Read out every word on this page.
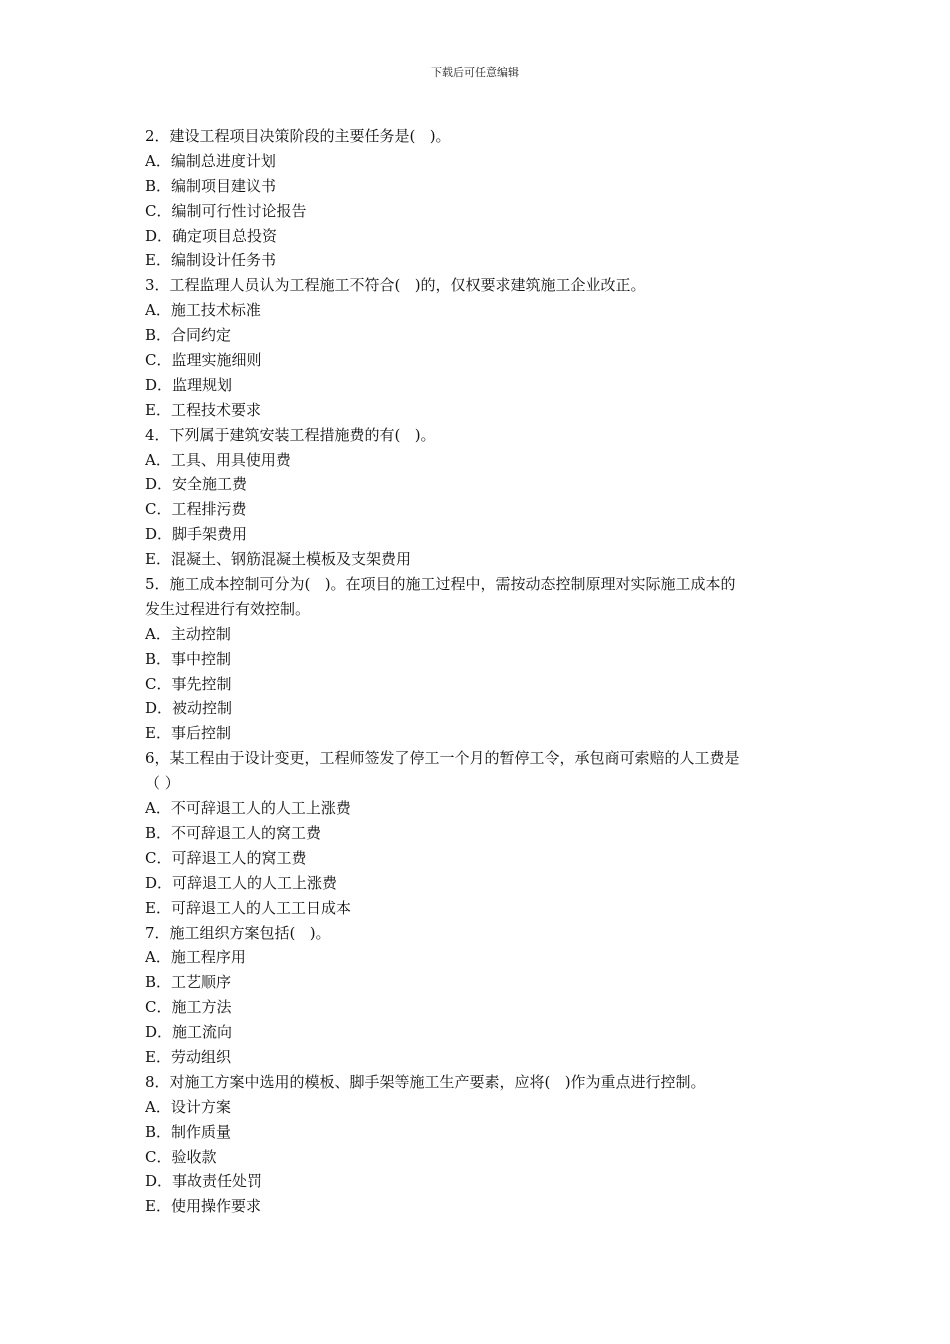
下载后可任意编辑
2．建设工程项目决策阶段的主要任务是(   )。
A．编制总进度计划
B．编制项目建议书
C．编制可行性讨论报告
D．确定项目总投资
E．编制设计任务书
3．工程监理人员认为工程施工不符合(   )的，仅权要求建筑施工企业改正。
A．施工技术标准
B．合同约定
C．监理实施细则
D．监理规划
E．工程技术要求
4．下列属于建筑安装工程措施费的有(   )。
A．工具、用具使用费
D．安全施工费
C．工程排污费
D．脚手架费用
E．混凝土、钢筋混凝土模板及支架费用
5．施工成本控制可分为(   )。在项目的施工过程中，需按动态控制原理对实际施工成本的
发生过程进行有效控制。
A．主动控制
B．事中控制
C．事先控制
D．被动控制
E．事后控制
6，某工程由于设计变更，工程师签发了停工一个月的暂停工令，承包商可索赔的人工费是
（ ）
A．不可辞退工人的人工上涨费
B．不可辞退工人的窝工费
C．可辞退工人的窝工费
D．可辞退工人的人工上涨费
E．可辞退工人的人工工日成本
7．施工组织方案包括(   )。
A．施工程序用
B．工艺顺序
C．施工方法
D．施工流向
E．劳动组织
8．对施工方案中选用的模板、脚手架等施工生产要素，应将(   )作为重点进行控制。
A．设计方案
B．制作质量
C．验收款
D．事故责任处罚
E．使用操作要求
